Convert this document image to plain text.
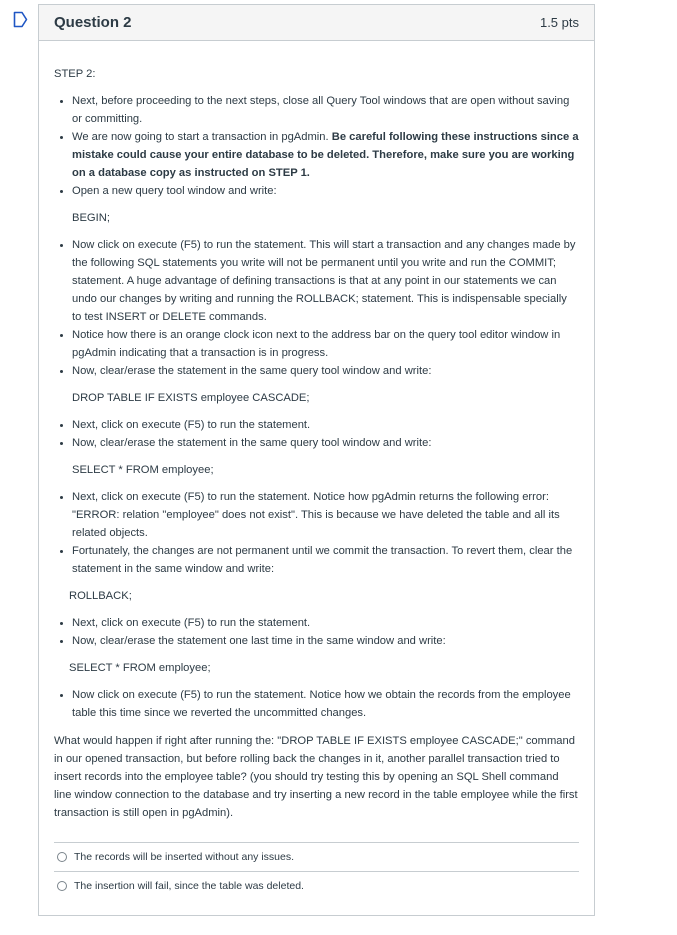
Question 2	1.5 pts
STEP 2:
• Next, before proceeding to the next steps, close all Query Tool windows that are open without saving or committing.
• We are now going to start a transaction in pgAdmin. Be careful following these instructions since a mistake could cause your entire database to be deleted. Therefore, make sure you are working on a database copy as instructed on STEP 1.
• Open a new query tool window and write:
BEGIN;
• Now click on execute (F5) to run the statement. This will start a transaction and any changes made by the following SQL statements you write will not be permanent until you write and run the COMMIT; statement. A huge advantage of defining transactions is that at any point in our statements we can undo our changes by writing and running the ROLLBACK; statement. This is indispensable specially to test INSERT or DELETE commands.
• Notice how there is an orange clock icon next to the address bar on the query tool editor window in pgAdmin indicating that a transaction is in progress.
• Now, clear/erase the statement in the same query tool window and write:
DROP TABLE IF EXISTS employee CASCADE;
• Next, click on execute (F5) to run the statement.
• Now, clear/erase the statement in the same query tool window and write:
SELECT * FROM employee;
• Next, click on execute (F5) to run the statement. Notice how pgAdmin returns the following error: "ERROR: relation "employee" does not exist". This is because we have deleted the table and all its related objects.
• Fortunately, the changes are not permanent until we commit the transaction. To revert them, clear the statement in the same window and write:
ROLLBACK;
• Next, click on execute (F5) to run the statement.
• Now, clear/erase the statement one last time in the same window and write:
SELECT * FROM employee;
• Now click on execute (F5) to run the statement. Notice how we obtain the records from the employee table this time since we reverted the uncommitted changes.
What would happen if right after running the: "DROP TABLE IF EXISTS employee CASCADE;" command in our opened transaction, but before rolling back the changes in it, another parallel transaction tried to insert records into the employee table? (you should try testing this by opening an SQL Shell command line window connection to the database and try inserting a new record in the table employee while the first transaction is still open in pgAdmin).
The records will be inserted without any issues.
The insertion will fail, since the table was deleted.
